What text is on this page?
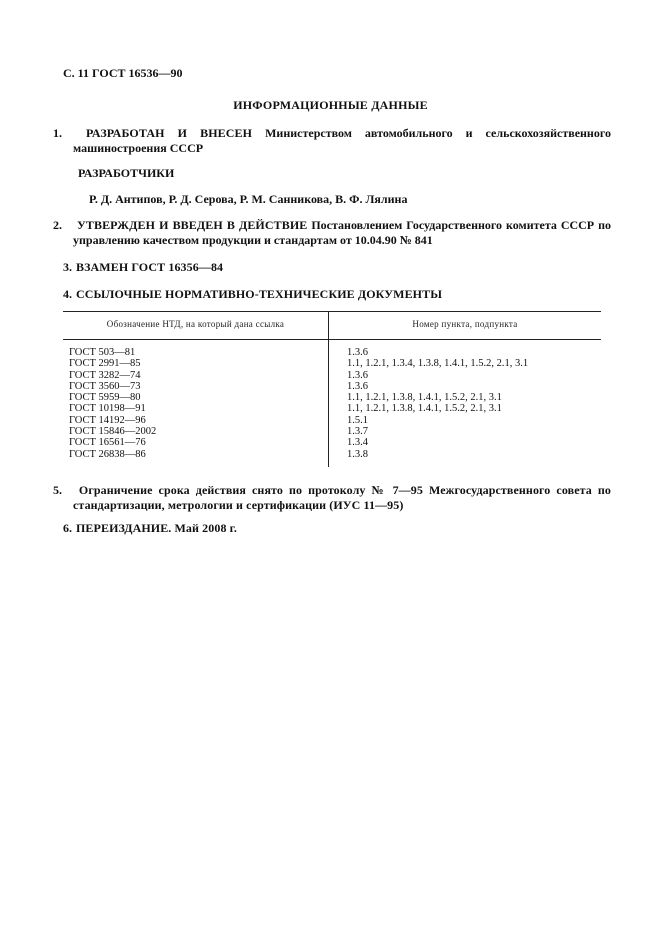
С. 11 ГОСТ 16536—90
ИНФОРМАЦИОННЫЕ ДАННЫЕ
1. РАЗРАБОТАН И ВНЕСЕН Министерством автомобильного и сельскохозяйственного машиностроения СССР
РАЗРАБОТЧИКИ
Р. Д. Антипов, Р. Д. Серова, Р. М. Санникова, В. Ф. Лялина
2. УТВЕРЖДЕН И ВВЕДЕН В ДЕЙСТВИЕ Постановлением Государственного комитета СССР по управлению качеством продукции и стандартам от 10.04.90 № 841
3. ВЗАМЕН ГОСТ 16356—84
4. ССЫЛОЧНЫЕ НОРМАТИВНО-ТЕХНИЧЕСКИЕ ДОКУМЕНТЫ
Обозначение НТД, на который дана ссылка	Номер пункта, подпункта
ГОСТ 503—81	1.3.6
ГОСТ 2991—85	1.1, 1.2.1, 1.3.4, 1.3.8, 1.4.1, 1.5.2, 2.1, 3.1
ГОСТ 3282—74	1.3.6
ГОСТ 3560—73	1.3.6
ГОСТ 5959—80	1.1, 1.2.1, 1.3.8, 1.4.1, 1.5.2, 2.1, 3.1
ГОСТ 10198—91	1.1, 1.2.1, 1.3.8, 1.4.1, 1.5.2, 2.1, 3.1
ГОСТ 14192—96	1.5.1
ГОСТ 15846—2002	1.3.7
ГОСТ 16561—76	1.3.4
ГОСТ 26838—86	1.3.8
5. Ограничение срока действия снято по протоколу № 7—95 Межгосударственного совета по стандартизации, метрологии и сертификации (ИУС 11—95)
6. ПЕРЕИЗДАНИЕ. Май 2008 г.
